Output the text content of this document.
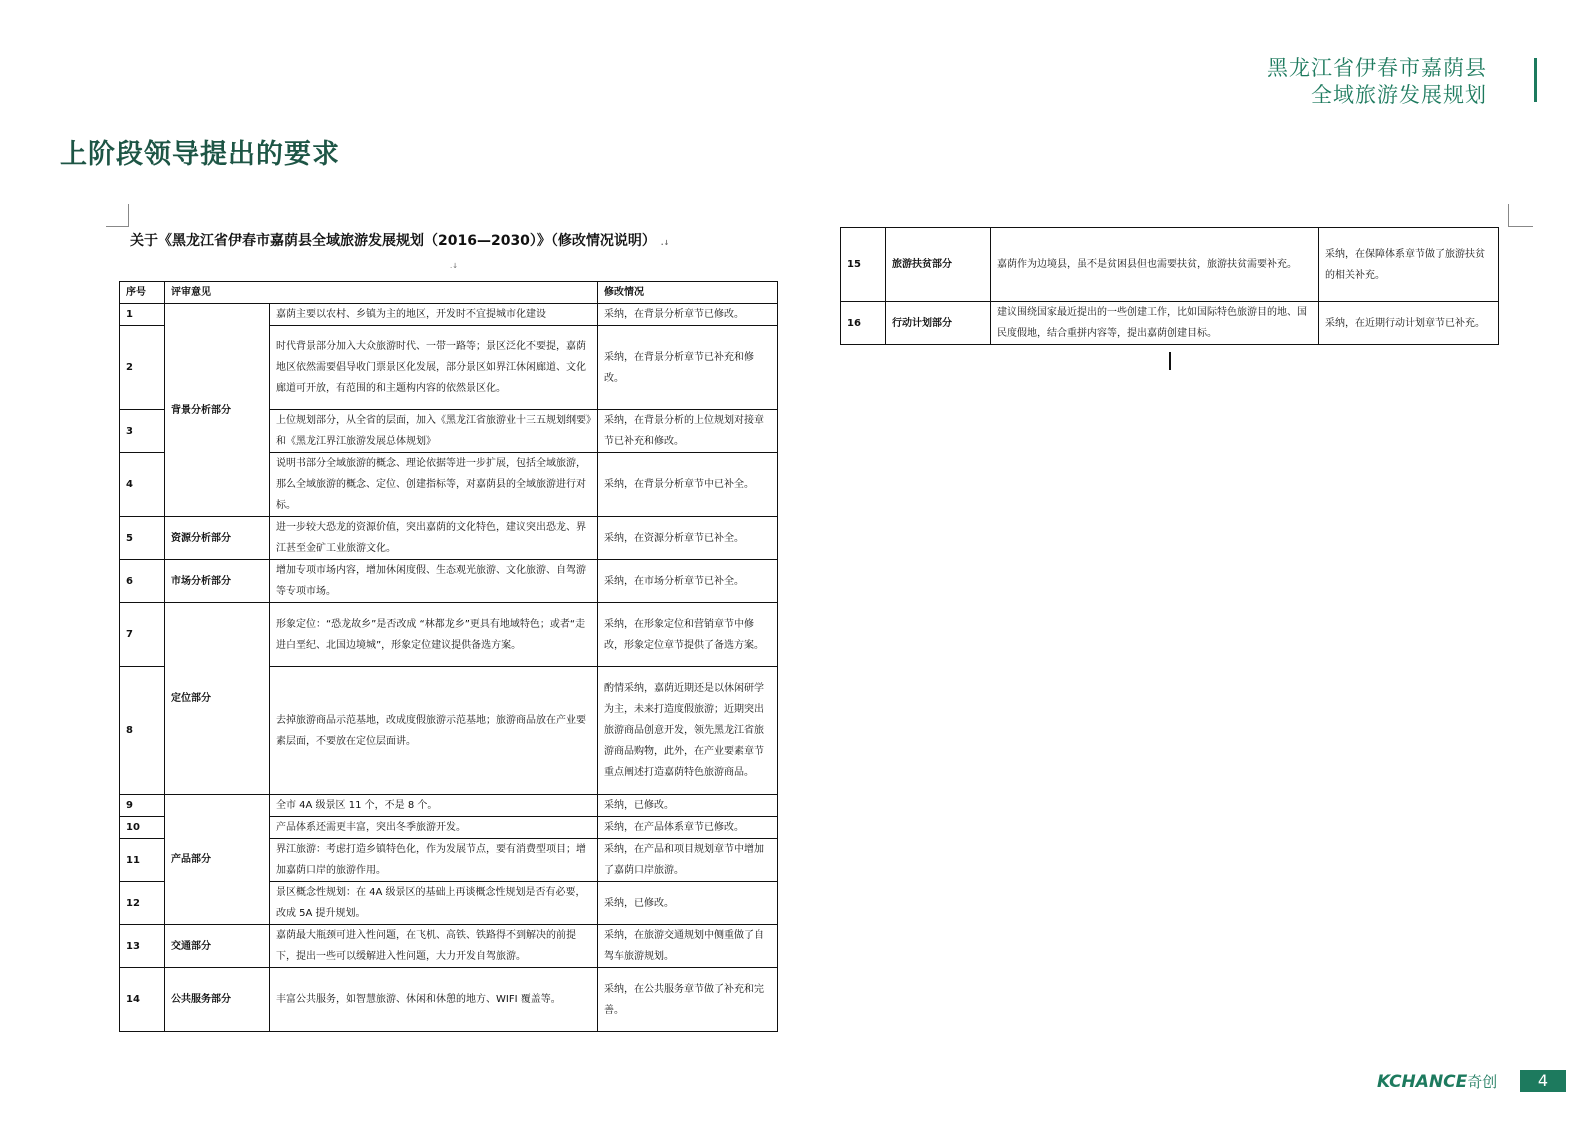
黑龙江省伊春市嘉荫县
全域旅游发展规划
上阶段领导提出的要求
关于《黑龙江省伊春市嘉荫县全域旅游发展规划（2016—2030）》（修改情况说明） .↓
.↓
序号	评审意见		修改情况
1	背景分析部分	嘉荫主要以农村、乡镇为主的地区，开发时不宜提城市化建设	采纳，在背景分析章节已修改。
2		时代背景部分加入大众旅游时代、一带一路等；景区泛化不要提，嘉荫地区依然需要倡导收门票景区化发展，部分景区如界江休闲廊道、文化廊道可开放，有范围的和主题构内容的依然景区化。	采纳，在背景分析章节已补充和修改。
3		上位规划部分，从全省的层面，加入《黑龙江省旅游业十三五规划纲要》和《黑龙江界江旅游发展总体规划》	采纳，在背景分析的上位规划对接章节已补充和修改。
4		说明书部分全域旅游的概念、理论依据等进一步扩展，包括全域旅游，那么全域旅游的概念、定位、创建指标等，对嘉荫县的全域旅游进行对标。	采纳，在背景分析章节中已补全。
5	资源分析部分	进一步较大恐龙的资源价值，突出嘉荫的文化特色，建议突出恐龙、界江甚至金矿工业旅游文化。	采纳，在资源分析章节已补全。
6	市场分析部分	增加专项市场内容，增加休闲度假、生态观光旅游、文化旅游、自驾游等专项市场。	采纳，在市场分析章节已补全。
7	定位部分	形象定位：“恐龙故乡”是否改成 “林都龙乡”更具有地域特色；或者“走进白垩纪、北国边境城”，形象定位建议提供备选方案。	采纳，在形象定位和营销章节中修改，形象定位章节提供了备选方案。
8		去掉旅游商品示范基地，改成度假旅游示范基地；旅游商品放在产业要素层面，不要放在定位层面讲。	酌情采纳，嘉荫近期还是以休闲研学为主，未来打造度假旅游；近期突出旅游商品创意开发，领先黑龙江省旅游商品购物，此外，在产业要素章节重点阐述打造嘉荫特色旅游商品。
9	产品部分	全市 4A 级景区 11 个，不是 8 个。	采纳，已修改。
10		产品体系还需更丰富，突出冬季旅游开发。	采纳，在产品体系章节已修改。
11		界江旅游：考虑打造乡镇特色化，作为发展节点，要有消费型项目；增加嘉荫口岸的旅游作用。	采纳，在产品和项目规划章节中增加了嘉荫口岸旅游。
12		景区概念性规划：在 4A 级景区的基础上再谈概念性规划是否有必要，改成 5A 提升规划。	采纳，已修改。
13	交通部分	嘉荫最大瓶颈可进入性问题，在飞机、高铁、铁路得不到解决的前提下，提出一些可以缓解进入性问题，大力开发自驾旅游。	采纳，在旅游交通规划中侧重做了自驾车旅游规划。
14	公共服务部分	丰富公共服务，如智慧旅游、休闲和休憩的地方、WIFI 覆盖等。	采纳，在公共服务章节做了补充和完善。
15	旅游扶贫部分	嘉荫作为边境县，虽不是贫困县但也需要扶贫，旅游扶贫需要补充。	采纳，在保障体系章节做了旅游扶贫的相关补充。
16	行动计划部分	建议围绕国家最近提出的一些创建工作，比如国际特色旅游目的地、国民度假地，结合重拼内容等，提出嘉荫创建目标。	采纳，在近期行动计划章节已补充。
KCHANCE奇创	4
